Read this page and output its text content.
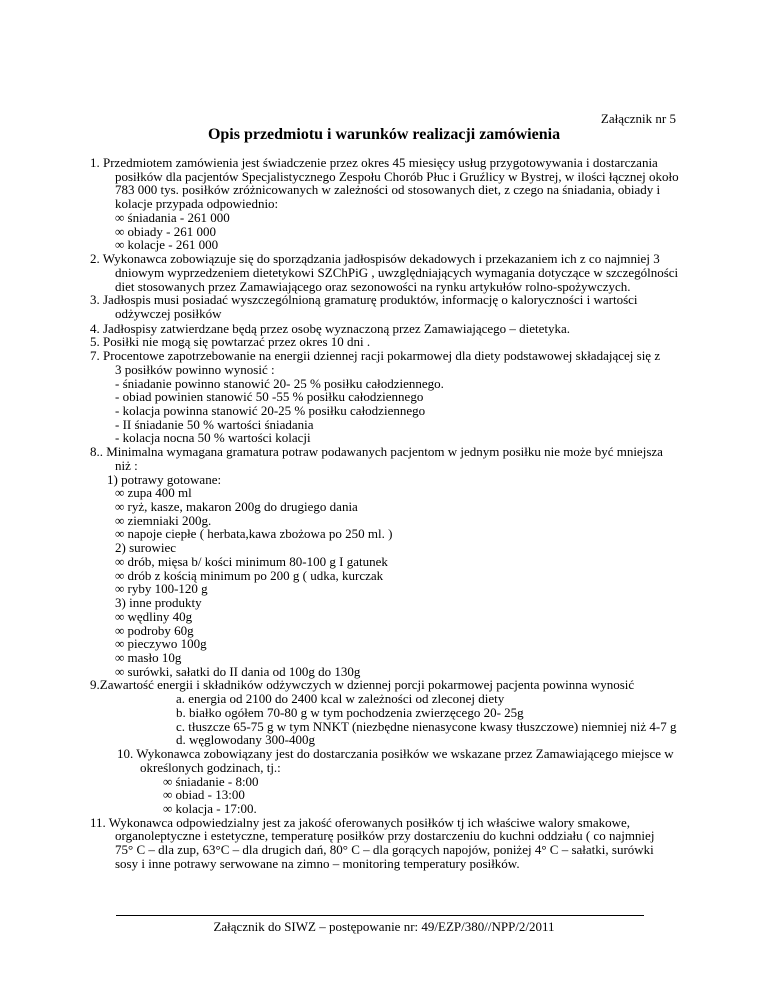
Załącznik nr 5
Opis przedmiotu i warunków realizacji zamówienia
1. Przedmiotem zamówienia jest świadczenie przez okres 45 miesięcy usług przygotowywania i dostarczania
posiłków dla pacjentów Specjalistycznego Zespołu Chorób Płuc i Gruźlicy w Bystrej, w ilości łącznej około
783 000 tys. posiłków zróżnicowanych w zależności od stosowanych diet, z czego na śniadania, obiady i
kolacje przypada odpowiednio:
∞ śniadania - 261 000
∞ obiady - 261 000
∞ kolacje - 261 000
2. Wykonawca zobowiązuje się do sporządzania jadłospisów dekadowych i przekazaniem ich z co najmniej 3
dniowym wyprzedzeniem dietetykowi SZChPiG , uwzględniających wymagania dotyczące w szczególności
diet stosowanych przez Zamawiającego oraz sezonowości na rynku artykułów rolno-spożywczych.
3. Jadłospis musi posiadać wyszczególnioną gramaturę produktów, informację o kaloryczności i wartości
odżywczej posiłków
4. Jadłospisy zatwierdzane będą przez osobę wyznaczoną przez Zamawiającego – dietetyka.
5. Posiłki nie mogą się powtarzać przez okres 10 dni .
7. Procentowe zapotrzebowanie na energii dziennej racji pokarmowej dla diety podstawowej składającej się z
3 posiłków powinno wynosić :
- śniadanie powinno stanowić 20- 25 % posiłku całodziennego.
- obiad powinien stanowić 50 -55 % posiłku całodziennego
- kolacja powinna stanowić 20-25 % posiłku całodziennego
- II śniadanie 50 % wartości śniadania
- kolacja nocna 50 % wartości kolacji
8.. Minimalna wymagana gramatura potraw podawanych pacjentom w jednym posiłku nie może być mniejsza
niż :
1) potrawy gotowane:
∞ zupa 400 ml
∞ ryż, kasze, makaron 200g do drugiego dania
∞ ziemniaki 200g.
∞ napoje ciepłe ( herbata,kawa zbożowa po 250 ml. )
2) surowiec
∞ drób, mięsa b/ kości minimum 80-100 g I gatunek
∞ drób z kością minimum po 200 g ( udka, kurczak
∞ ryby 100-120 g
3) inne produkty
∞ wędliny 40g
∞ podroby 60g
∞ pieczywo 100g
∞ masło 10g
∞ surówki, sałatki do II dania od 100g do 130g
9.Zawartość energii i składników odżywczych w dziennej porcji pokarmowej pacjenta powinna wynosić
a. energia od 2100 do 2400 kcal w zależności od zleconej diety
b. białko ogółem 70-80 g w tym pochodzenia zwierzęcego 20- 25g
c. tłuszcze 65-75 g w tym NNKT (niezbędne nienasycone kwasy tłuszczowe) niemniej niż 4-7 g
d. węglowodany 300-400g
10. Wykonawca zobowiązany jest do dostarczania posiłków we wskazane przez Zamawiającego miejsce w
określonych godzinach, tj.:
∞ śniadanie - 8:00
∞ obiad - 13:00
∞ kolacja - 17:00.
11. Wykonawca odpowiedzialny jest za jakość oferowanych posiłków tj ich właściwe walory smakowe,
organoleptyczne i estetyczne, temperaturę posiłków przy dostarczeniu do kuchni oddziału ( co najmniej
75° C – dla zup, 63°C – dla drugich dań, 80° C – dla gorących napojów, poniżej 4° C – sałatki, surówki
sosy i inne potrawy serwowane na zimno – monitoring temperatury posiłków.
Załącznik do SIWZ – postępowanie nr: 49/EZP/380//NPP/2/2011
